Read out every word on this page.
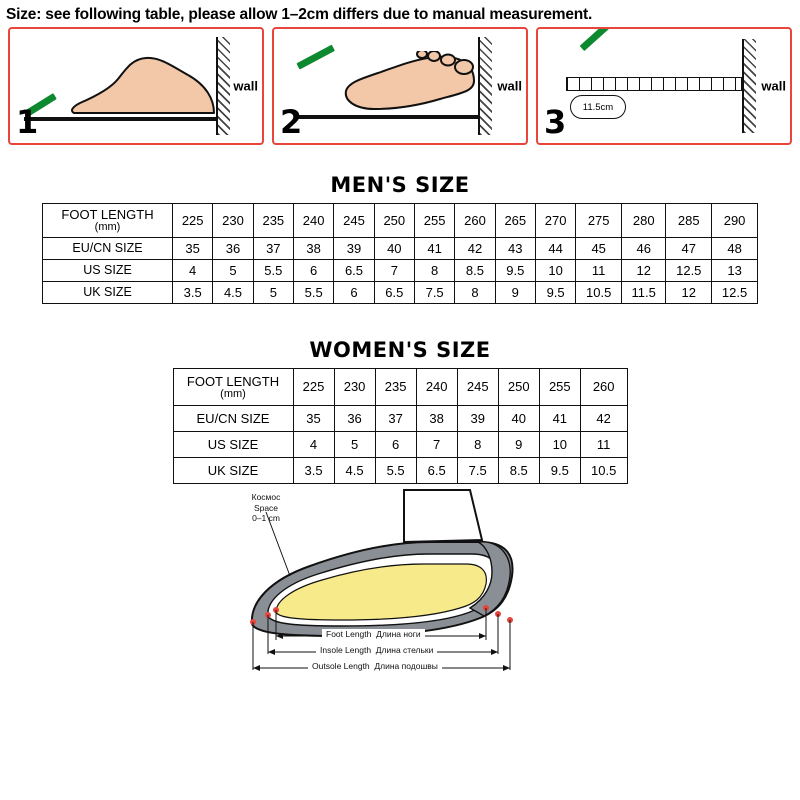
Size: see following table, please allow 1–2cm differs due to manual measurement.
1
wall
2
wall
11.5cm
3
wall
MEN'S SIZE
FOOT LENGTH
(mm)	225	230	235	240	245	250	255	260	265	270	275	280	285	290
EU/CN SIZE	35	36	37	38	39	40	41	42	43	44	45	46	47	48
US SIZE	4	5	5.5	6	6.5	7	8	8.5	9.5	10	11	12	12.5	13
UK SIZE	3.5	4.5	5	5.5	6	6.5	7.5	8	9	9.5	10.5	11.5	12	12.5
WOMEN'S SIZE
FOOT LENGTH
(mm)	225	230	235	240	245	250	255	260
EU/CN SIZE	35	36	37	38	39	40	41	42
US SIZE	4	5	6	7	8	9	10	11
UK SIZE	3.5	4.5	5.5	6.5	7.5	8.5	9.5	10.5
Космос
Space
0–1 cm
Foot Length Длина ноги
Insole Length Длина стельки
Outsole Length Длина подошвы
